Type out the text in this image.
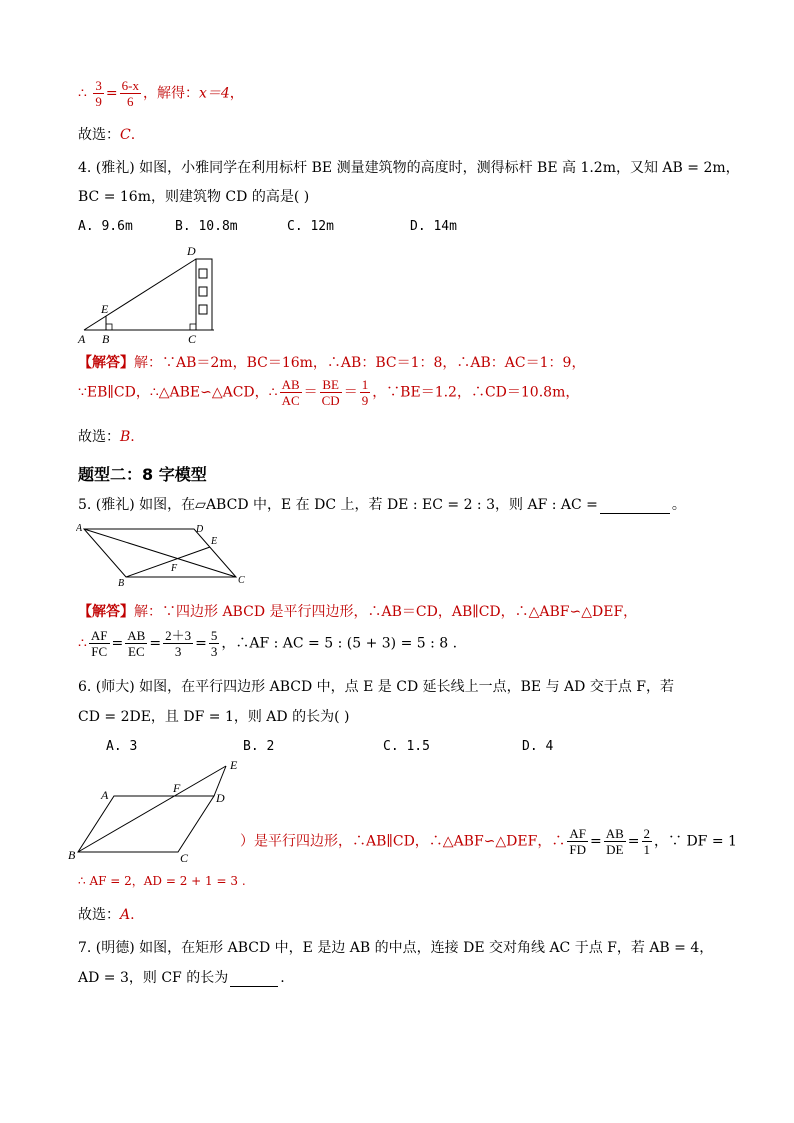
∴ $\frac{3}{9} = \frac{6-x}{6}$ ，解得：x＝4，
故选：C.
4. (雅礼) 如图，小雅同学在利用标杆 BE 测量建筑物的高度时，测得标杆 BE 高 1.2m，又知 AB = 2m，
BC = 16m，则建筑物 CD 的高是( )
A. 9.6m	B. 10.8m	C. 12m	D. 14m
D
E
A B	C
【解答】解：∵AB＝2m，BC＝16m，∴AB：BC＝1：8，∴AB：AC＝1：9，
∵EB∥CD，∴△ABE∽△ACD，∴ $\frac{AB}{AC} = \frac{BE}{CD} = \frac{1}{9}$ ，∵BE＝1.2，∴CD＝10.8m，
故选：B.
题型二：8 字模型
5. (雅礼) 如图，在▱ABCD 中，E 在 DC 上，若 DE : EC = 2 : 3，则 AF : AC =	。
A	D
E
F
B	C
【解答】解：∵四边形 ABCD 是平行四边形，∴AB＝CD，AB∥CD，∴△ABF∽△DEF，
∴ $\frac{AF}{FC} = \frac{AB}{EC} = \frac{2+3}{3} = \frac{5}{3}$ ，∴AF : AC = 5 : (5 + 3) = 5 : 8 .
6. (师大) 如图，在平行四边形 ABCD 中，点 E 是 CD 延长线上一点，BE 与 AD 交于点 F，若
CD = 2DE，且 DF = 1，则 AD 的长为( )
A. 3	B. 2	C. 1.5	D. 4
E
A	F
D
B	C
）是平行四边形，∴AB∥CD，∴△ABF∽△DEF，∴ $\frac{AF}{FD} = \frac{AB}{DE} = \frac{2}{1}$ ，∵ DF = 1
∴ AF = 2，AD = 2 + 1 = 3 .
故选：A.
7. (明德) 如图，在矩形 ABCD 中，E 是边 AB 的中点，连接 DE 交对角线 AC 于点 F，若 AB = 4，
AD = 3，则 CF 的长为	.
